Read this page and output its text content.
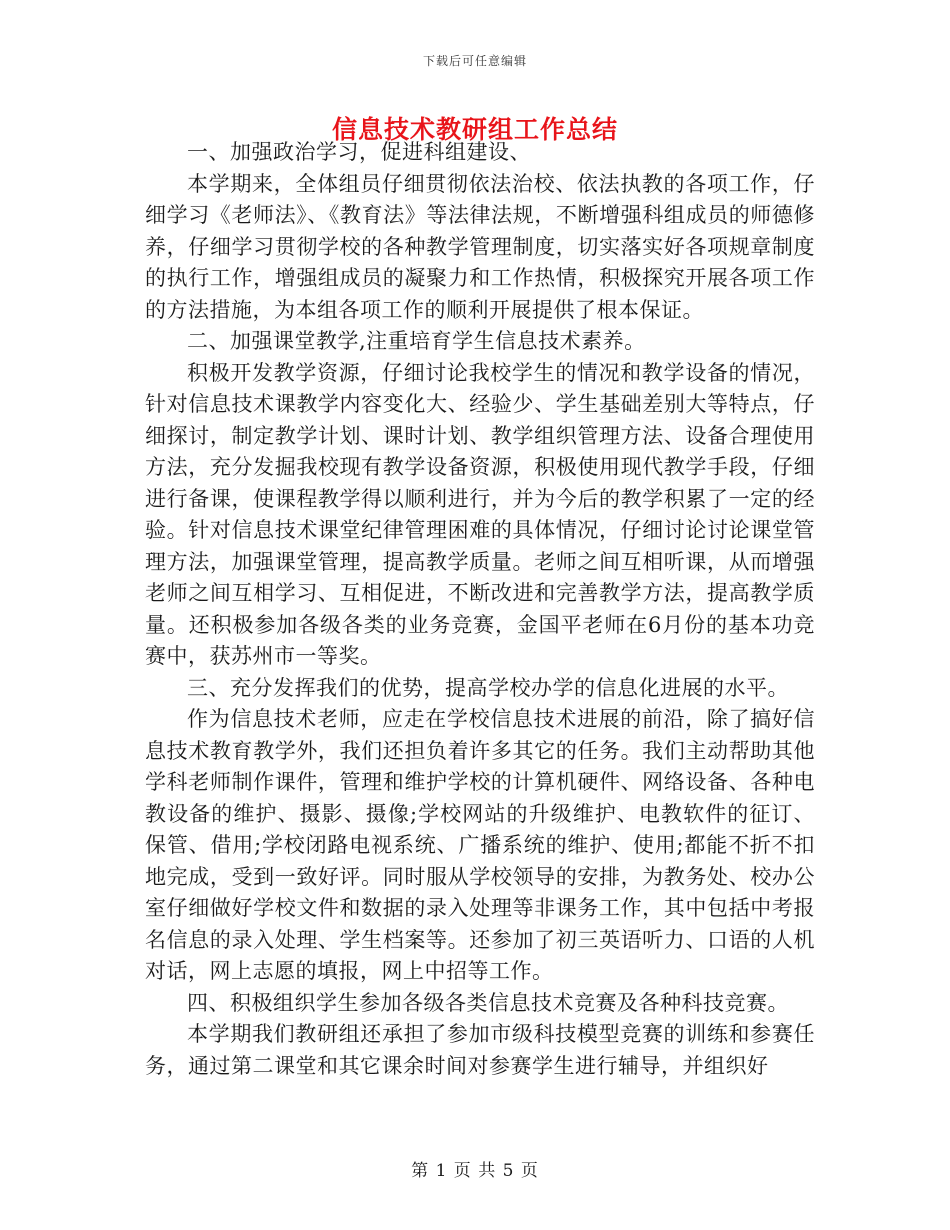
下载后可任意编辑
信息技术教研组工作总结

一、加强政治学习，促进科组建设、

本学期来，全体组员仔细贯彻依法治校、依法执教的各项工作，仔细学习《老师法》、《教育法》等法律法规，不断增强科组成员的师德修养，仔细学习贯彻学校的各种教学管理制度，切实落实好各项规章制度的执行工作，增强组成员的凝聚力和工作热情，积极探究开展各项工作的方法措施，为本组各项工作的顺利开展提供了根本保证。

二、加强课堂教学,注重培育学生信息技术素养。

积极开发教学资源，仔细讨论我校学生的情况和教学设备的情况，针对信息技术课教学内容变化大、经验少、学生基础差别大等特点，仔细探讨，制定教学计划、课时计划、教学组织管理方法、设备合理使用方法，充分发掘我校现有教学设备资源，积极使用现代教学手段，仔细进行备课，使课程教学得以顺利进行，并为今后的教学积累了一定的经验。针对信息技术课堂纪律管理困难的具体情况，仔细讨论讨论课堂管理方法，加强课堂管理，提高教学质量。老师之间互相听课，从而增强老师之间互相学习、互相促进，不断改进和完善教学方法，提高教学质量。还积极参加各级各类的业务竞赛，金国平老师在6月份的基本功竞赛中，获苏州市一等奖。

三、充分发挥我们的优势，提高学校办学的信息化进展的水平。

作为信息技术老师，应走在学校信息技术进展的前沿，除了搞好信息技术教育教学外，我们还担负着许多其它的任务。我们主动帮助其他学科老师制作课件，管理和维护学校的计算机硬件、网络设备、各种电教设备的维护、摄影、摄像;学校网站的升级维护、电教软件的征订、保管、借用;学校闭路电视系统、广播系统的维护、使用;都能不折不扣地完成，受到一致好评。同时服从学校领导的安排，为教务处、校办公室仔细做好学校文件和数据的录入处理等非课务工作，其中包括中考报名信息的录入处理、学生档案等。还参加了初三英语听力、口语的人机对话，网上志愿的填报，网上中招等工作。

四、积极组织学生参加各级各类信息技术竞赛及各种科技竞赛。

本学期我们教研组还承担了参加市级科技模型竞赛的训练和参赛任务，通过第二课堂和其它课余时间对参赛学生进行辅导，并组织好

第 1 页 共 5 页
